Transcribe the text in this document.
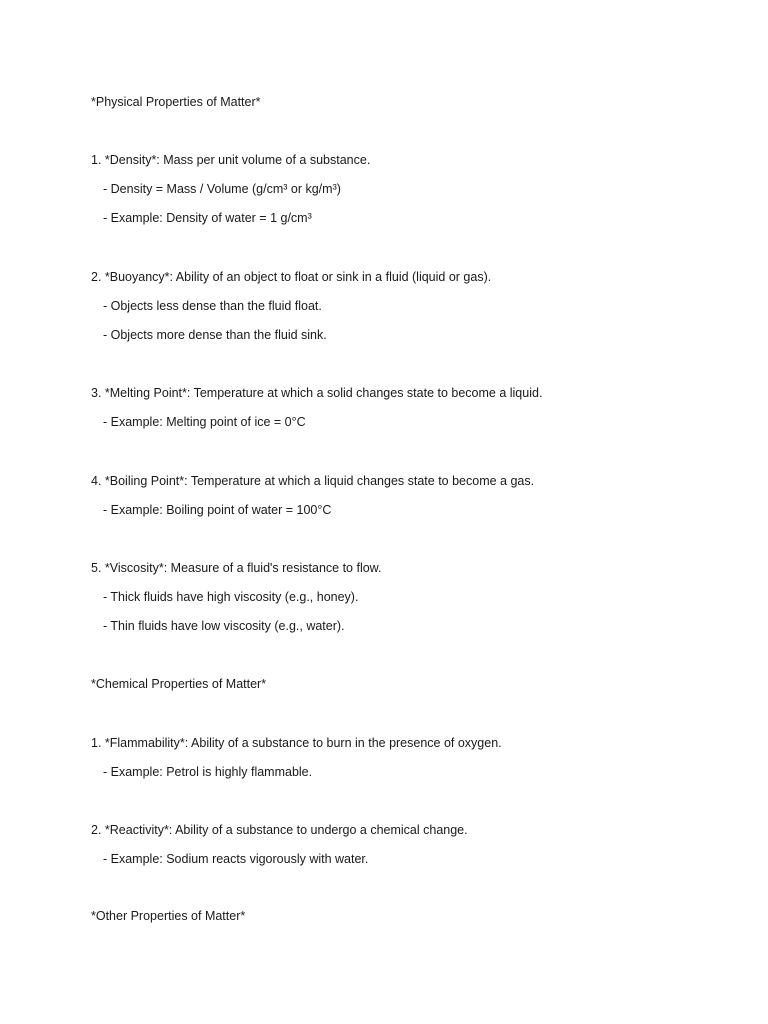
*Physical Properties of Matter*

1. *Density*: Mass per unit volume of a substance.

- Density = Mass / Volume (g/cm³ or kg/m³)

- Example: Density of water = 1 g/cm³

2. *Buoyancy*: Ability of an object to float or sink in a fluid (liquid or gas).

- Objects less dense than the fluid float.

- Objects more dense than the fluid sink.

3. *Melting Point*: Temperature at which a solid changes state to become a liquid.

- Example: Melting point of ice = 0°C

4. *Boiling Point*: Temperature at which a liquid changes state to become a gas.

- Example: Boiling point of water = 100°C

5. *Viscosity*: Measure of a fluid's resistance to flow.

- Thick fluids have high viscosity (e.g., honey).

- Thin fluids have low viscosity (e.g., water).

*Chemical Properties of Matter*

1. *Flammability*: Ability of a substance to burn in the presence of oxygen.

- Example: Petrol is highly flammable.

2. *Reactivity*: Ability of a substance to undergo a chemical change.

- Example: Sodium reacts vigorously with water.

*Other Properties of Matter*
